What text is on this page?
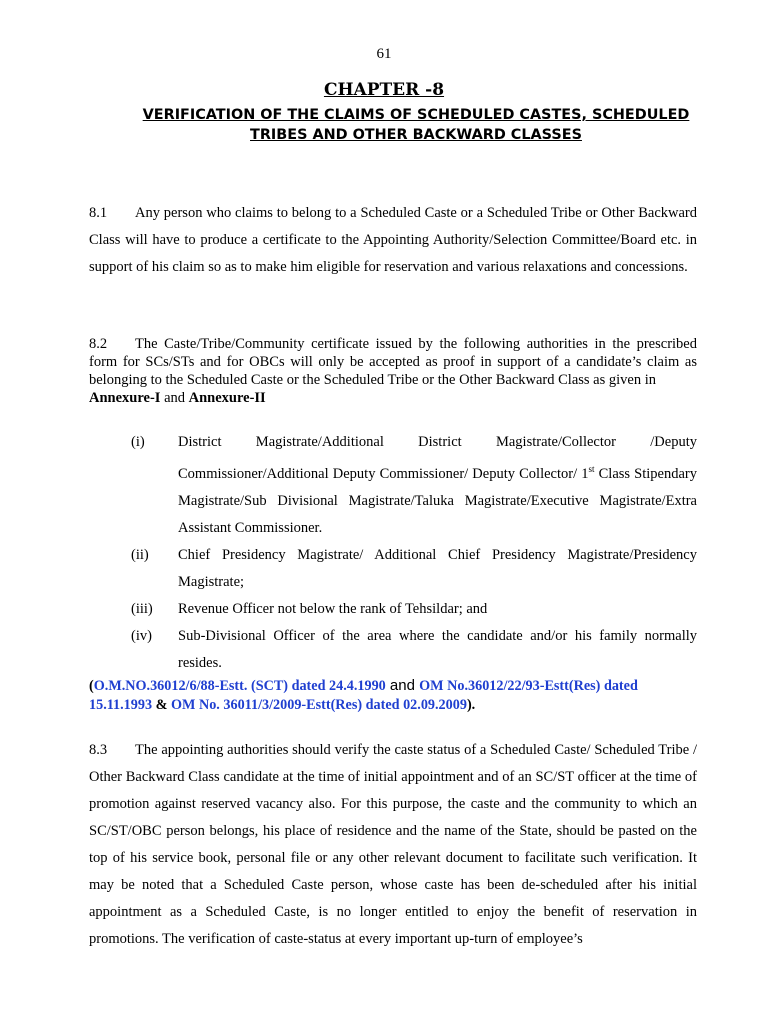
61
CHAPTER -8
VERIFICATION OF THE CLAIMS OF SCHEDULED CASTES, SCHEDULED TRIBES AND OTHER BACKWARD CLASSES

8.1 Any person who claims to belong to a Scheduled Caste or a Scheduled Tribe or Other Backward Class will have to produce a certificate to the Appointing Authority/Selection Committee/Board etc. in support of his claim so as to make him eligible for reservation and various relaxations and concessions.

8.2 The Caste/Tribe/Community certificate issued by the following authorities in the prescribed form for SCs/STs and for OBCs will only be accepted as proof in support of a candidate’s claim as belonging to the Scheduled Caste or the Scheduled Tribe or the Other Backward Class as given in
Annexure-I and Annexure-II

(i)	District Magistrate/Additional District Magistrate/Collector /Deputy Commissioner/Additional Deputy Commissioner/ Deputy Collector/ 1st Class Stipendary Magistrate/Sub Divisional Magistrate/Taluka Magistrate/Executive Magistrate/Extra Assistant Commissioner.
(ii)	Chief Presidency Magistrate/ Additional Chief Presidency Magistrate/Presidency Magistrate;
(iii)	Revenue Officer not below the rank of Tehsildar; and
(iv)	Sub-Divisional Officer of the area where the candidate and/or his family normally resides.

(O.M.NO.36012/6/88-Estt. (SCT) dated 24.4.1990 and OM No.36012/22/93-Estt(Res) dated 15.11.1993 & OM No. 36011/3/2009-Estt(Res) dated 02.09.2009).

8.3 The appointing authorities should verify the caste status of a Scheduled Caste/ Scheduled Tribe / Other Backward Class candidate at the time of initial appointment and of an SC/ST officer at the time of promotion against reserved vacancy also. For this purpose, the caste and the community to which an SC/ST/OBC person belongs, his place of residence and the name of the State, should be pasted on the top of his service book, personal file or any other relevant document to facilitate such verification. It may be noted that a Scheduled Caste person, whose caste has been de-scheduled after his initial appointment as a Scheduled Caste, is no longer entitled to enjoy the benefit of reservation in promotions. The verification of caste-status at every important up-turn of employee’s
